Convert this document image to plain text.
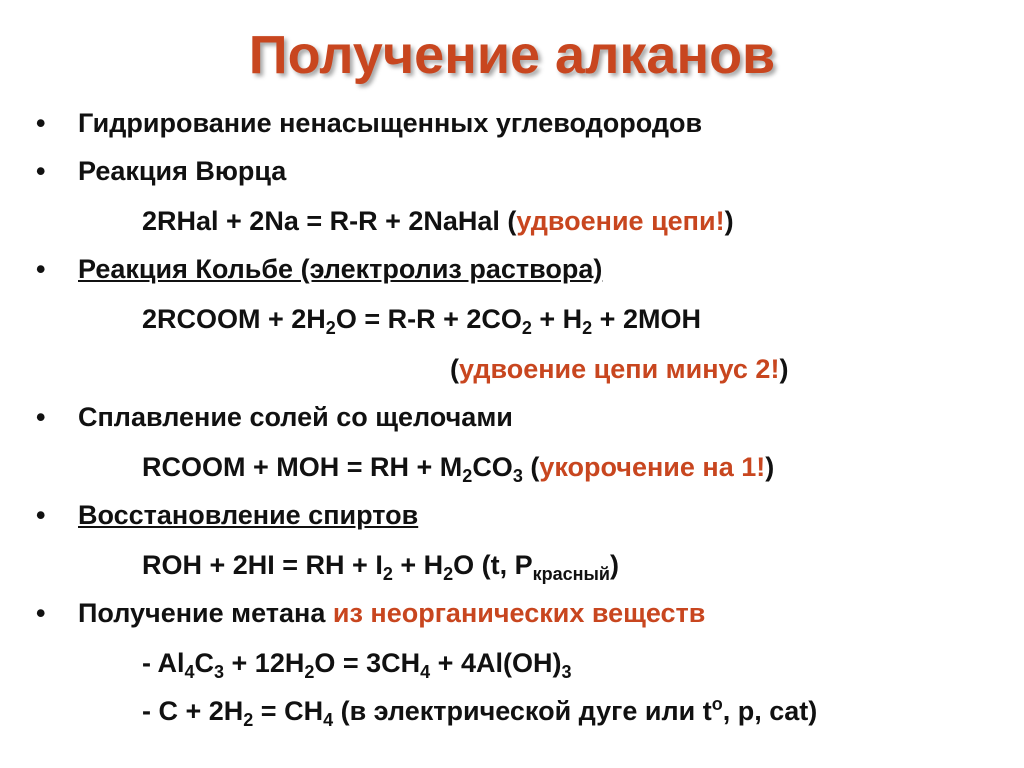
Получение алканов
•	Гидрирование ненасыщенных углеводородов
•	Реакция Вюрца
2RHal + 2Na = R-R + 2NaHal (удвоение цепи!)
•	Реакция Кольбе (электролиз раствора)
2RCOOM + $2H_2O = R-R + 2CO_2 + H_2 + 2MOH$
(удвоение цепи минус 2!)
•	Сплавление солей со щелочами
RCOOM + MOH = RH + $M_2CO_3$ (укорочение на 1!)
•	Восстановление спиртов
ROH + 2HI = RH + $I_2 + H_2O$ (t, $P_{красный}$)
•	Получение метана из неорганических веществ
- $Al_4C_3 + 12H_2O = 3CH_4 + 4Al(OH)_3$
- $C + 2H_2 = CH_4$ (в электрической дуге или $t^o$, p, cat)
